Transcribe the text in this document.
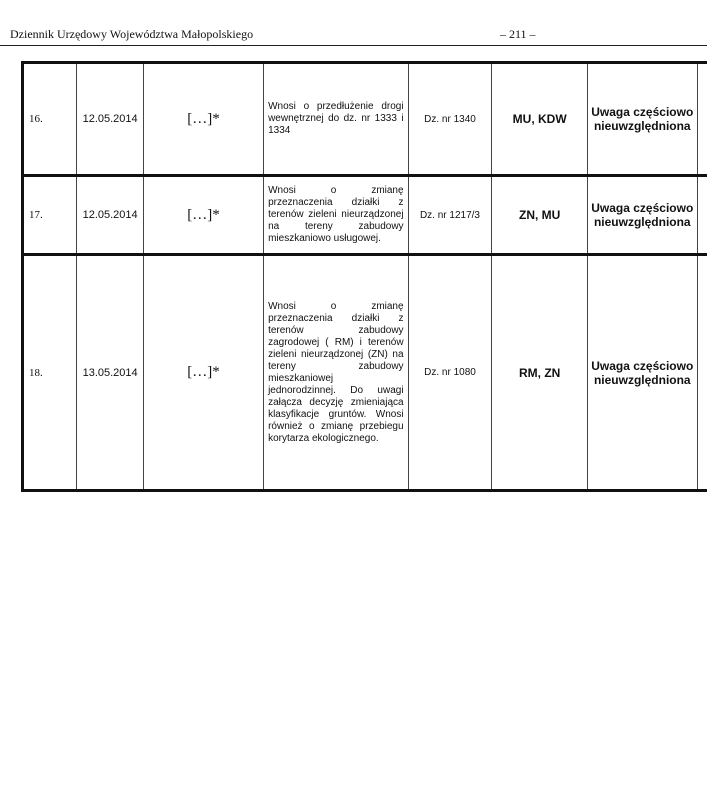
Dziennik Urzędowy Województwa Małopolskiego	– 211 –
16.	12.05.2014	[…]*	Wnosi o przedłużenie drogi wewnętrznej do dz. nr 1333 i 1334	Dz. nr 1340	MU, KDW	Uwaga częściowo nieuwzględniona	
17.	12.05.2014	[…]*	Wnosi o zmianę przeznaczenia działki z terenów zieleni nieurządzonej na tereny zabudowy mieszkaniowo usługowej.	Dz. nr 1217/3	ZN, MU	Uwaga częściowo nieuwzględniona	
18.	13.05.2014	[…]*	Wnosi o zmianę przeznaczenia działki z terenów zabudowy zagrodowej ( RM) i terenów zieleni nieurządzonej (ZN) na tereny zabudowy mieszkaniowej jednorodzinnej. Do uwagi załącza decyzję zmieniająca klasyfikacje gruntów. Wnosi również o zmianę przebiegu korytarza ekologicznego.	Dz. nr 1080	RM, ZN	Uwaga częściowo nieuwzględniona	
